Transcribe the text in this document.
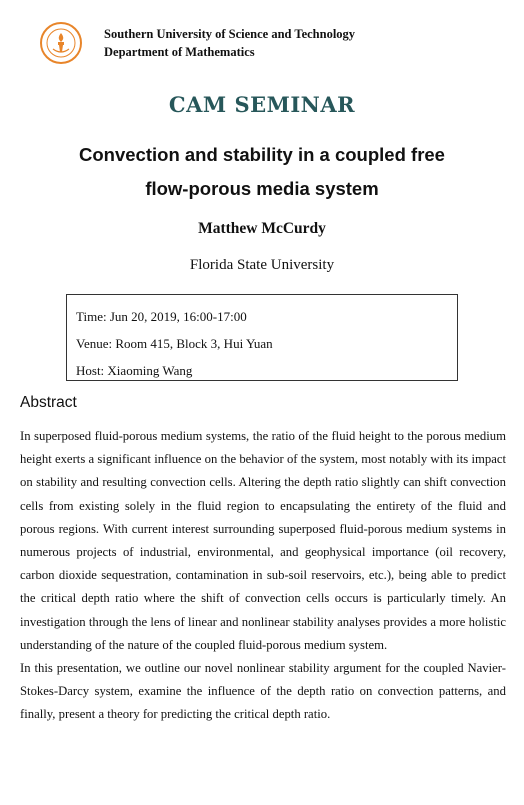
Southern University of Science and Technology
Department of Mathematics
CAM SEMINAR
Convection and stability in a coupled free
flow-porous media system
Matthew McCurdy
Florida State University
Time: Jun 20, 2019, 16:00-17:00
Venue: Room 415, Block 3, Hui Yuan
Host: Xiaoming Wang
Abstract

In superposed fluid-porous medium systems, the ratio of the fluid height to the porous medium height exerts a significant influence on the behavior of the system, most notably with its impact on stability and resulting convection cells. Altering the depth ratio slightly can shift convection cells from existing solely in the fluid region to encapsulating the entirety of the fluid and porous regions. With current interest surrounding superposed fluid-porous medium systems in numerous projects of industrial, environmental, and geophysical importance (oil recovery, carbon dioxide sequestration, contamination in sub-soil reservoirs, etc.), being able to predict the critical depth ratio where the shift of convection cells occurs is particularly timely. An investigation through the lens of linear and nonlinear stability analyses provides a more holistic understanding of the nature of the coupled fluid-porous medium system.

In this presentation, we outline our novel nonlinear stability argument for the coupled Navier-Stokes-Darcy system, examine the influence of the depth ratio on convection patterns, and finally, present a theory for predicting the critical depth ratio.
